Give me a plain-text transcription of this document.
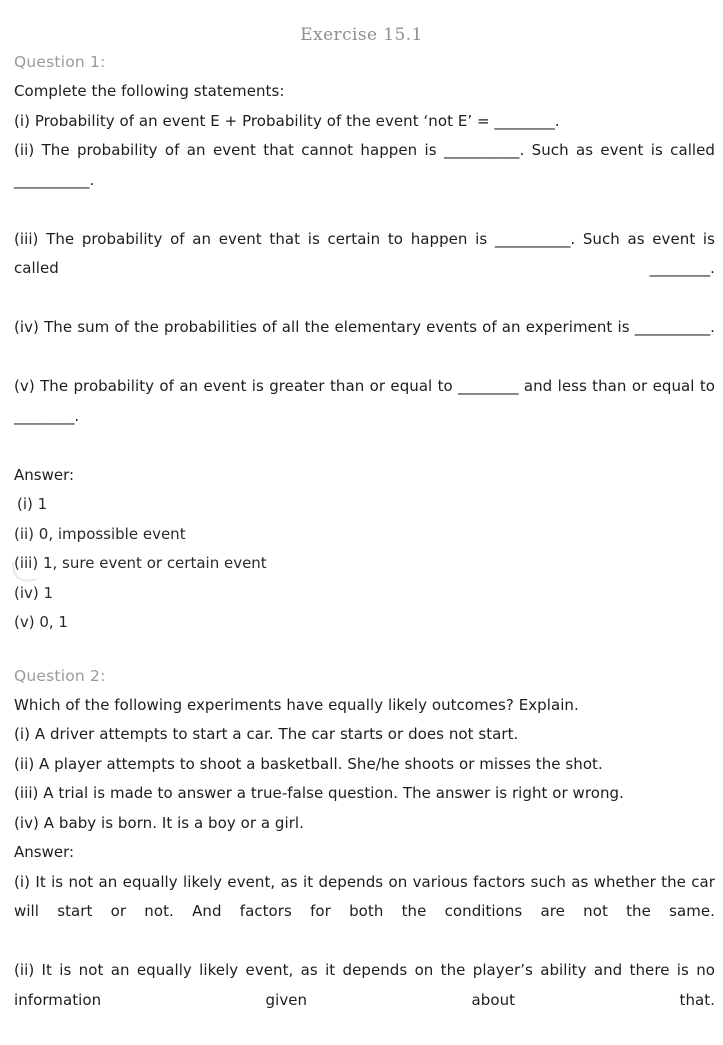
Exercise 15.1
Question 1:
Complete the following statements:
(i) Probability of an event E + Probability of the event ‘not E’ = ________.
(ii) The probability of an event that cannot happen is __________. Such as event is called __________.
(iii) The probability of an event that is certain to happen is __________. Such as event is called ________.
(iv) The sum of the probabilities of all the elementary events of an experiment is __________.
(v) The probability of an event is greater than or equal to ________ and less than or equal to ________.
Answer:
(i) 1
(ii) 0, impossible event
(iii) 1, sure event or certain event
(iv) 1
(v) 0, 1
Question 2:
Which of the following experiments have equally likely outcomes? Explain.
(i) A driver attempts to start a car. The car starts or does not start.
(ii) A player attempts to shoot a basketball. She/he shoots or misses the shot.
(iii) A trial is made to answer a true-false question. The answer is right or wrong.
(iv) A baby is born. It is a boy or a girl.
Answer:
(i) It is not an equally likely event, as it depends on various factors such as whether the car will start or not. And factors for both the conditions are not the same.
(ii) It is not an equally likely event, as it depends on the player’s ability and there is no information given about that.
